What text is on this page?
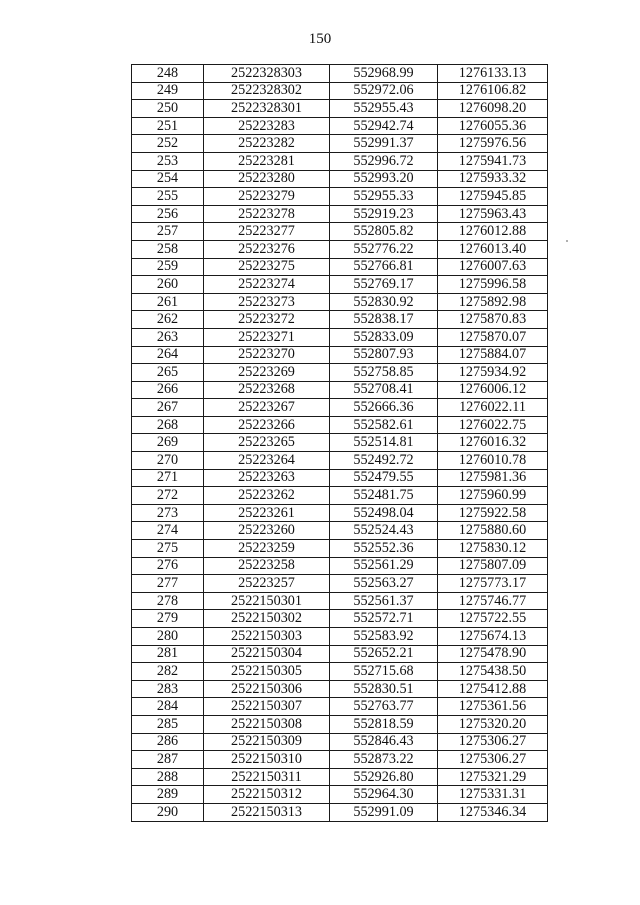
150
248	2522328303	552968.99	1276133.13
249	2522328302	552972.06	1276106.82
250	2522328301	552955.43	1276098.20
251	25223283	552942.74	1276055.36
252	25223282	552991.37	1275976.56
253	25223281	552996.72	1275941.73
254	25223280	552993.20	1275933.32
255	25223279	552955.33	1275945.85
256	25223278	552919.23	1275963.43
257	25223277	552805.82	1276012.88
258	25223276	552776.22	1276013.40
259	25223275	552766.81	1276007.63
260	25223274	552769.17	1275996.58
261	25223273	552830.92	1275892.98
262	25223272	552838.17	1275870.83
263	25223271	552833.09	1275870.07
264	25223270	552807.93	1275884.07
265	25223269	552758.85	1275934.92
266	25223268	552708.41	1276006.12
267	25223267	552666.36	1276022.11
268	25223266	552582.61	1276022.75
269	25223265	552514.81	1276016.32
270	25223264	552492.72	1276010.78
271	25223263	552479.55	1275981.36
272	25223262	552481.75	1275960.99
273	25223261	552498.04	1275922.58
274	25223260	552524.43	1275880.60
275	25223259	552552.36	1275830.12
276	25223258	552561.29	1275807.09
277	25223257	552563.27	1275773.17
278	2522150301	552561.37	1275746.77
279	2522150302	552572.71	1275722.55
280	2522150303	552583.92	1275674.13
281	2522150304	552652.21	1275478.90
282	2522150305	552715.68	1275438.50
283	2522150306	552830.51	1275412.88
284	2522150307	552763.77	1275361.56
285	2522150308	552818.59	1275320.20
286	2522150309	552846.43	1275306.27
287	2522150310	552873.22	1275306.27
288	2522150311	552926.80	1275321.29
289	2522150312	552964.30	1275331.31
290	2522150313	552991.09	1275346.34
